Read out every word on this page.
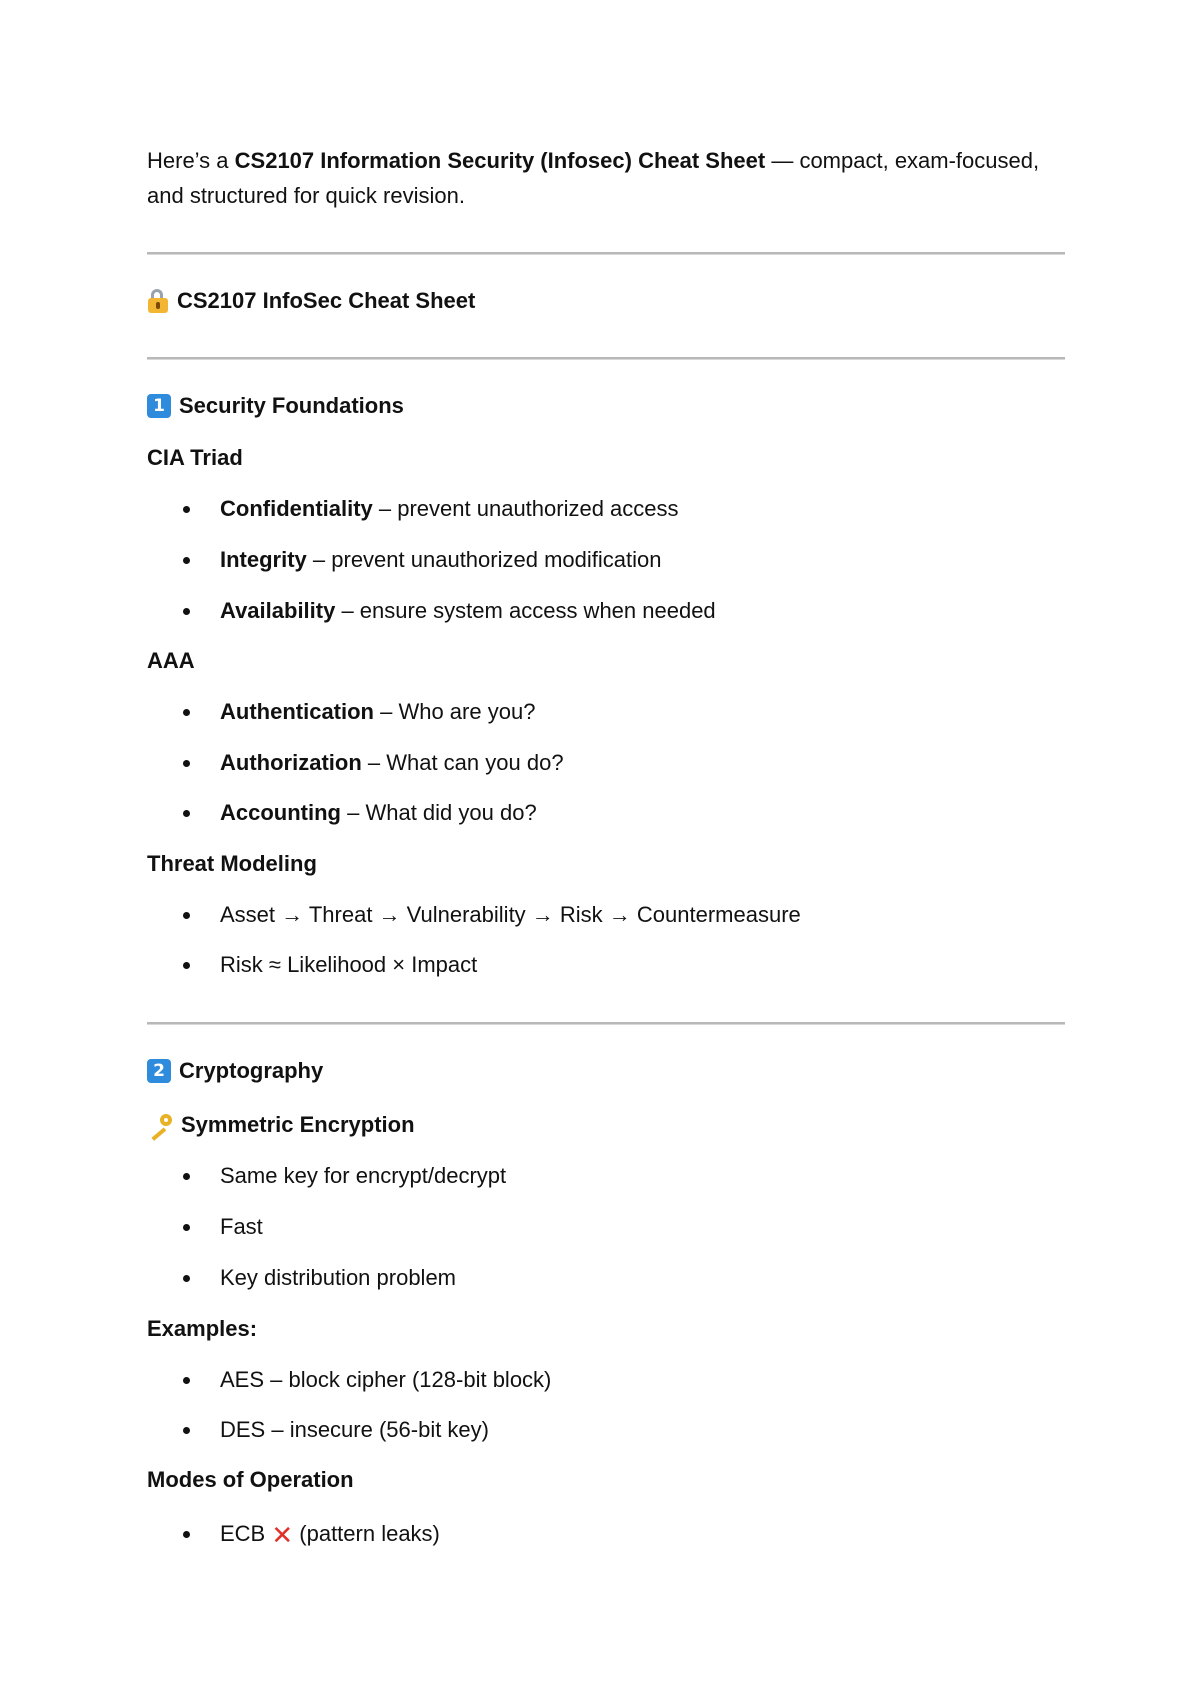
Here’s a CS2107 Information Security (Infosec) Cheat Sheet — compact, exam-focused, and structured for quick revision.
CS2107 InfoSec Cheat Sheet
1 Security Foundations
CIA Triad
Confidentiality – prevent unauthorized access
Integrity – prevent unauthorized modification
Availability – ensure system access when needed
AAA
Authentication – Who are you?
Authorization – What can you do?
Accounting – What did you do?
Threat Modeling
Asset → Threat → Vulnerability → Risk → Countermeasure
Risk ≈ Likelihood × Impact
2 Cryptography
Symmetric Encryption
Same key for encrypt/decrypt
Fast
Key distribution problem
Examples:
AES – block cipher (128-bit block)
DES – insecure (56-bit key)
Modes of Operation
ECB ✕ (pattern leaks)
